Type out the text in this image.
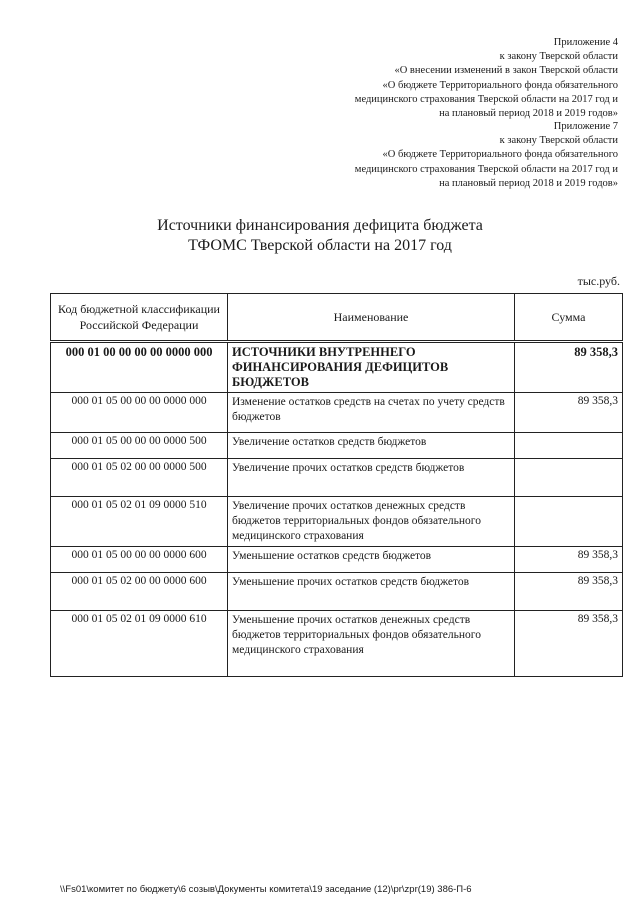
Приложение 4
к закону Тверской области
«О внесении изменений в закон Тверской области
«О бюджете Территориального фонда обязательного
медицинского страхования Тверской области на 2017 год и
на плановый период 2018 и 2019 годов»
Приложение 7
к закону Тверской области
«О бюджете Территориального фонда обязательного
медицинского страхования Тверской области на 2017 год и
на плановый период 2018 и 2019 годов»
Источники финансирования дефицита бюджета
ТФОМС Тверской области на 2017 год
тыс.руб.
Код бюджетной классификации Российской Федерации	Наименование	Сумма
000 01 00 00 00 00 0000 000	ИСТОЧНИКИ ВНУТРЕННЕГО ФИНАНСИРОВАНИЯ ДЕФИЦИТОВ БЮДЖЕТОВ	89 358,3
000 01 05 00 00 00 0000 000	Изменение остатков средств на счетах по учету средств бюджетов	89 358,3
000 01 05 00 00 00 0000 500	Увеличение остатков средств бюджетов	
000 01 05 02 00 00 0000 500	Увеличение прочих остатков средств бюджетов	
000 01 05 02 01 09 0000 510	Увеличение прочих остатков денежных средств бюджетов территориальных фондов обязательного медицинского страхования	
000 01 05 00 00 00 0000 600	Уменьшение остатков средств бюджетов	89 358,3
000 01 05 02 00 00 0000 600	Уменьшение прочих остатков средств бюджетов	89 358,3
000 01 05 02 01 09 0000 610	Уменьшение прочих остатков денежных средств бюджетов территориальных фондов обязательного медицинского страхования	89 358,3
\\Fs01\комитет по бюджету\6 созыв\Документы комитета\19 заседание (12)\pr\zpr(19) 386-П-6
